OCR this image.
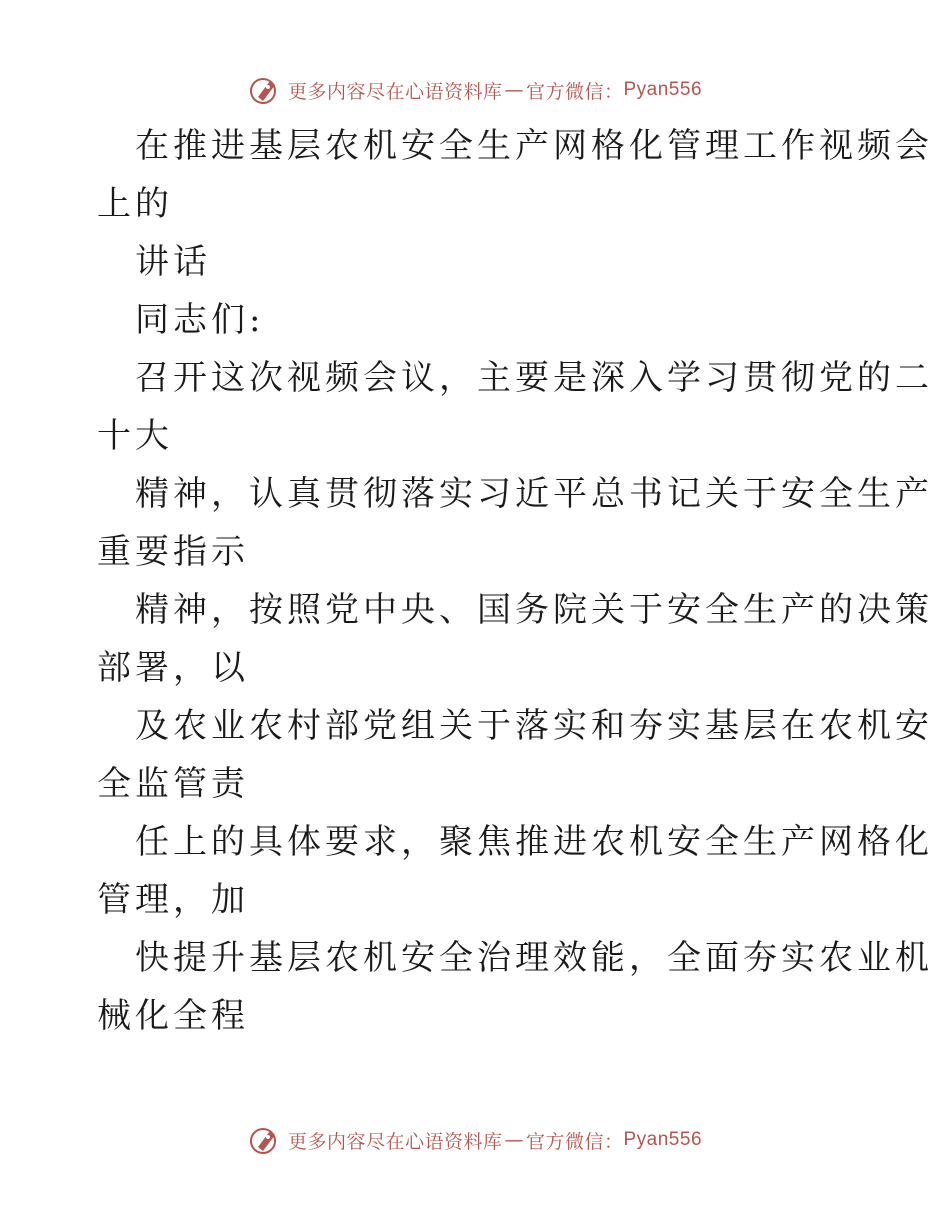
更多内容尽在心语资料库 — 官方微信： Pyan556
在推进基层农机安全生产网格化管理工作视频会
上的
讲话
同志们:
召开这次视频会议，主要是深入学习贯彻党的二
十大
精神，认真贯彻落实习近平总书记关于安全生产
重要指示
精神，按照党中央、国务院关于安全生产的决策
部署，以
及农业农村部党组关于落实和夯实基层在农机安
全监管责
任上的具体要求，聚焦推进农机安全生产网格化
管理，加
快提升基层农机安全治理效能，全面夯实农业机
械化全程
更多内容尽在心语资料库 — 官方微信： Pyan556
